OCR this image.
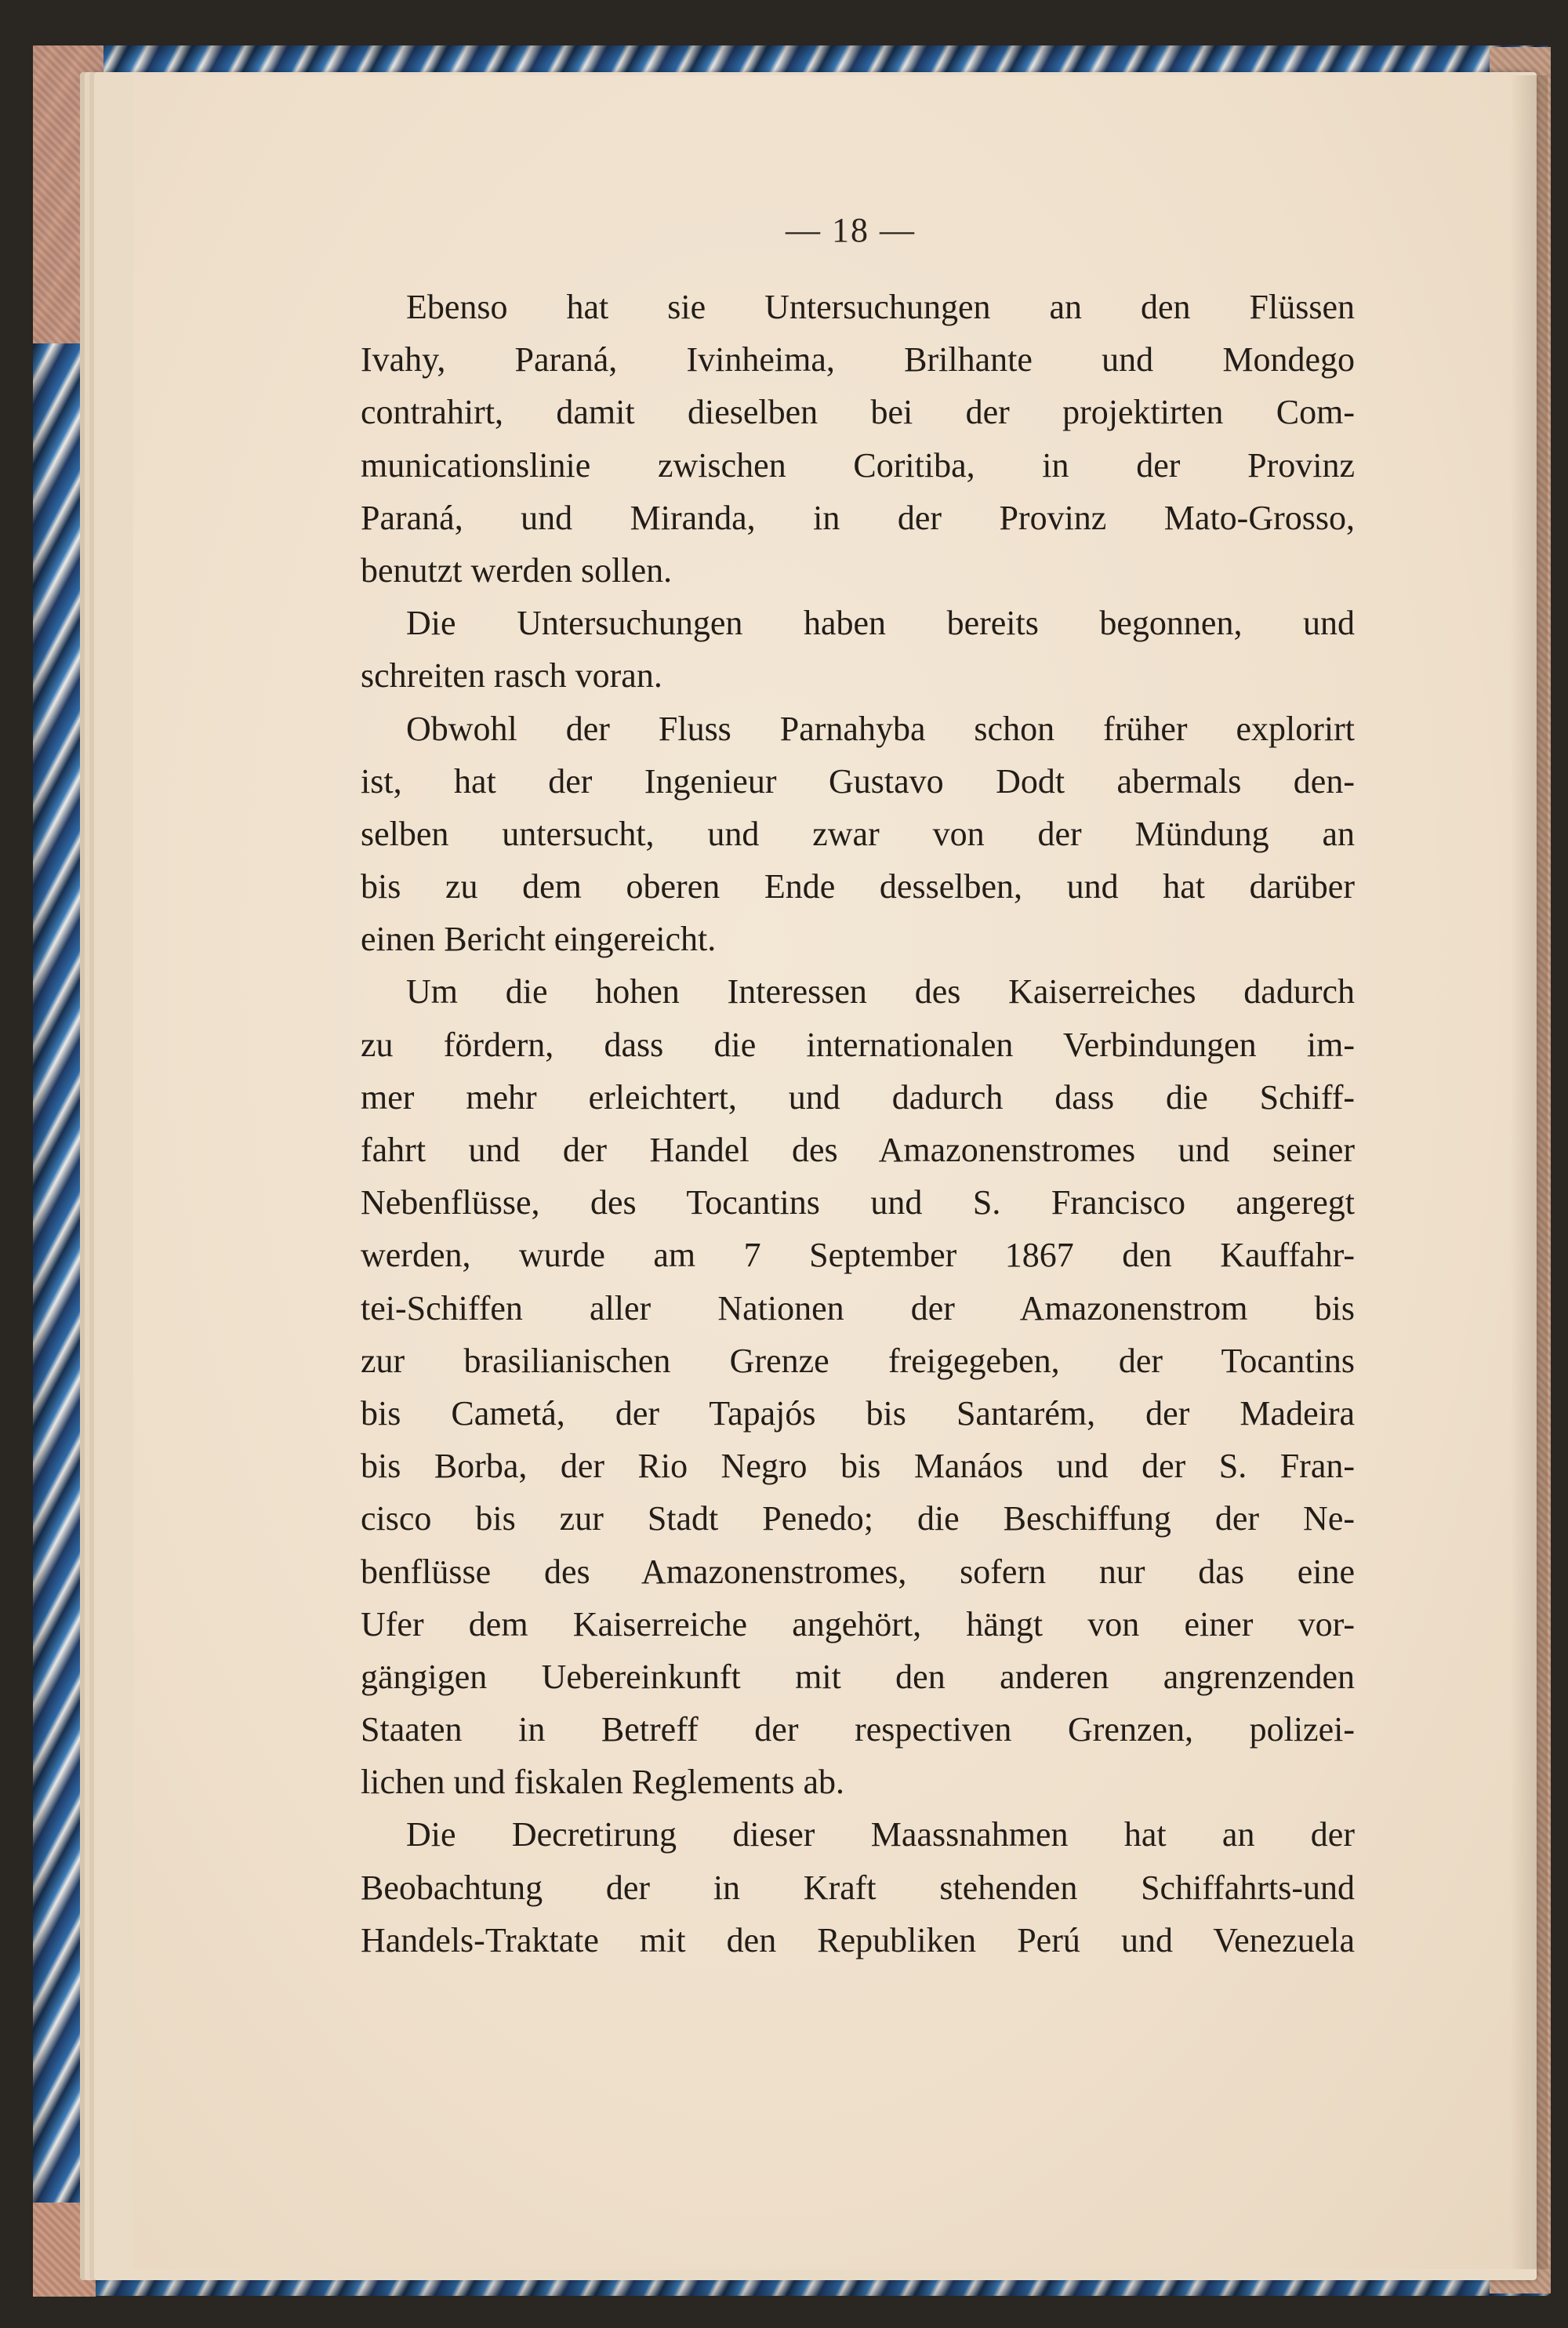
— 18 —
Ebenso hat sie Untersuchungen an den Flüssen
Ivahy, Paraná, Ivinheima, Brilhante und Mondego
contrahirt, damit dieselben bei der projektirten Com-
municationslinie zwischen Coritiba, in der Provinz
Paraná, und Miranda, in der Provinz Mato-Grosso,
benutzt werden sollen.
Die Untersuchungen haben bereits begonnen, und
schreiten rasch voran.
Obwohl der Fluss Parnahyba schon früher explorirt
ist, hat der Ingenieur Gustavo Dodt abermals den-
selben untersucht, und zwar von der Mündung an
bis zu dem oberen Ende desselben, und hat darüber
einen Bericht eingereicht.
Um die hohen Interessen des Kaiserreiches dadurch
zu fördern, dass die internationalen Verbindungen im-
mer mehr erleichtert, und dadurch dass die Schiff-
fahrt und der Handel des Amazonenstromes und seiner
Nebenflüsse, des Tocantins und S. Francisco angeregt
werden, wurde am 7 September 1867 den Kauffahr-
tei-Schiffen aller Nationen der Amazonenstrom bis
zur brasilianischen Grenze freigegeben, der Tocantins
bis Cametá, der Tapajós bis Santarém, der Madeira
bis Borba, der Rio Negro bis Manáos und der S. Fran-
cisco bis zur Stadt Penedo; die Beschiffung der Ne-
benflüsse des Amazonenstromes, sofern nur das eine
Ufer dem Kaiserreiche angehört, hängt von einer vor-
gängigen Uebereinkunft mit den anderen angrenzenden
Staaten in Betreff der respectiven Grenzen, polizei-
lichen und fiskalen Reglements ab.
Die Decretirung dieser Maassnahmen hat an der
Beobachtung der in Kraft stehenden Schiffahrts-und
Handels-Traktate mit den Republiken Perú und Venezuela
